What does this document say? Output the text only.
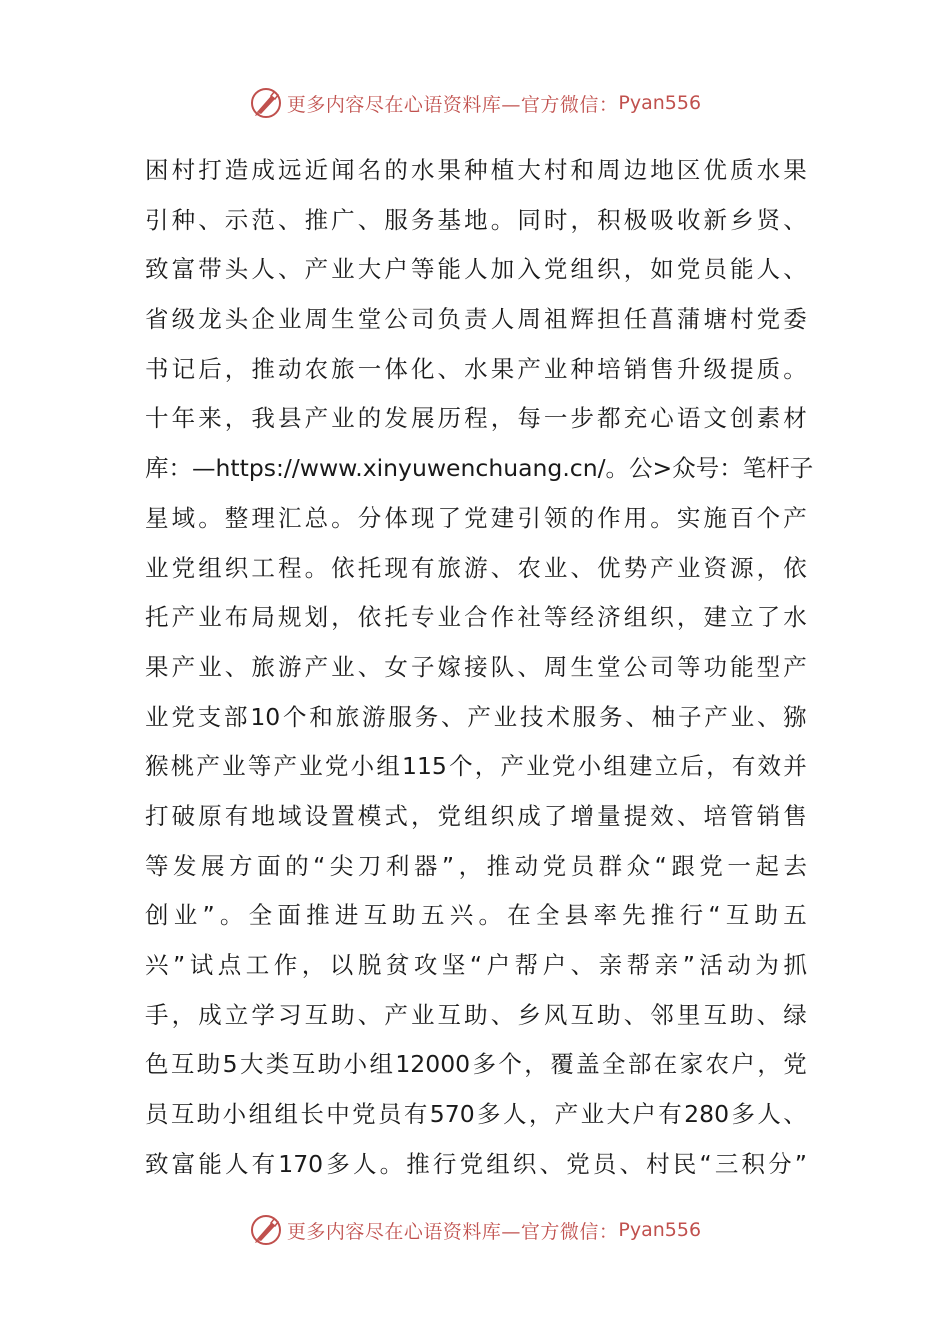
更多内容尽在心语资料库—官方微信： Pyan556
困 村 打 造 成 远 近 闻 名 的 水 果 种 植 大 村 和 周 边 地 区 优 质 水 果
引 种 、 示 范 、 推 广 、 服 务 基 地 。 同 时 ， 积 极 吸 收 新 乡 贤 、
致 富 带 头 人 、 产 业 大 户 等 能 人 加 入 党 组 织 ， 如 党 员 能 人 、
省 级 龙 头 企 业 周 生 堂 公 司 负 责 人 周 祖 辉 担 任 菖 蒲 塘 村 党 委
书 记 后 ， 推 动 农 旅 一 体 化 、 水 果 产 业 种 培 销 售 升 级 提 质 。
十 年 来 ， 我 县 产 业 的 发 展 历 程 ， 每 一 步 都 充 心 语 文 创 素 材
库 ： — https://www.xinyuwenchuang.cn/ 。 公 > 众 号 ： 笔 杆 子
星 域 。 整 理 汇 总 。 分 体 现 了 党 建 引 领 的 作 用 。 实 施 百 个 产
业 党 组 织 工 程 。 依 托 现 有 旅 游 、 农 业 、 优 势 产 业 资 源 ， 依
托 产 业 布 局 规 划 ， 依 托 专 业 合 作 社 等 经 济 组 织 ， 建 立 了 水
果 产 业 、 旅 游 产 业 、 女 子 嫁 接 队 、 周 生 堂 公 司 等 功 能 型 产
业 党 支 部 10 个 和 旅 游 服 务 、 产 业 技 术 服 务 、 柚 子 产 业 、 猕
猴 桃 产 业 等 产 业 党 小 组 115 个 ， 产 业 党 小 组 建 立 后 ， 有 效 并
打 破 原 有 地 域 设 置 模 式 ， 党 组 织 成 了 增 量 提 效 、 培 管 销 售
等 发 展 方 面 的 “ 尖 刀 利 器 ” ， 推 动 党 员 群 众 “ 跟 党 一 起 去
创 业 ” 。 全 面 推 进 互 助 五 兴 。 在 全 县 率 先 推 行 “ 互 助 五
兴 ” 试 点 工 作 ， 以 脱 贫 攻 坚 “ 户 帮 户 、 亲 帮 亲 ” 活 动 为 抓
手 ， 成 立 学 习 互 助 、 产 业 互 助 、 乡 风 互 助 、 邻 里 互 助 、 绿
色 互 助 5 大 类 互 助 小 组 12000 多 个 ， 覆 盖 全 部 在 家 农 户 ， 党
员 互 助 小 组 组 长 中 党 员 有 570 多 人 ， 产 业 大 户 有 280 多 人 、
致 富 能 人 有 170 多 人 。 推 行 党 组 织 、 党 员 、 村 民 “ 三 积 分 ”
更多内容尽在心语资料库—官方微信： Pyan556
